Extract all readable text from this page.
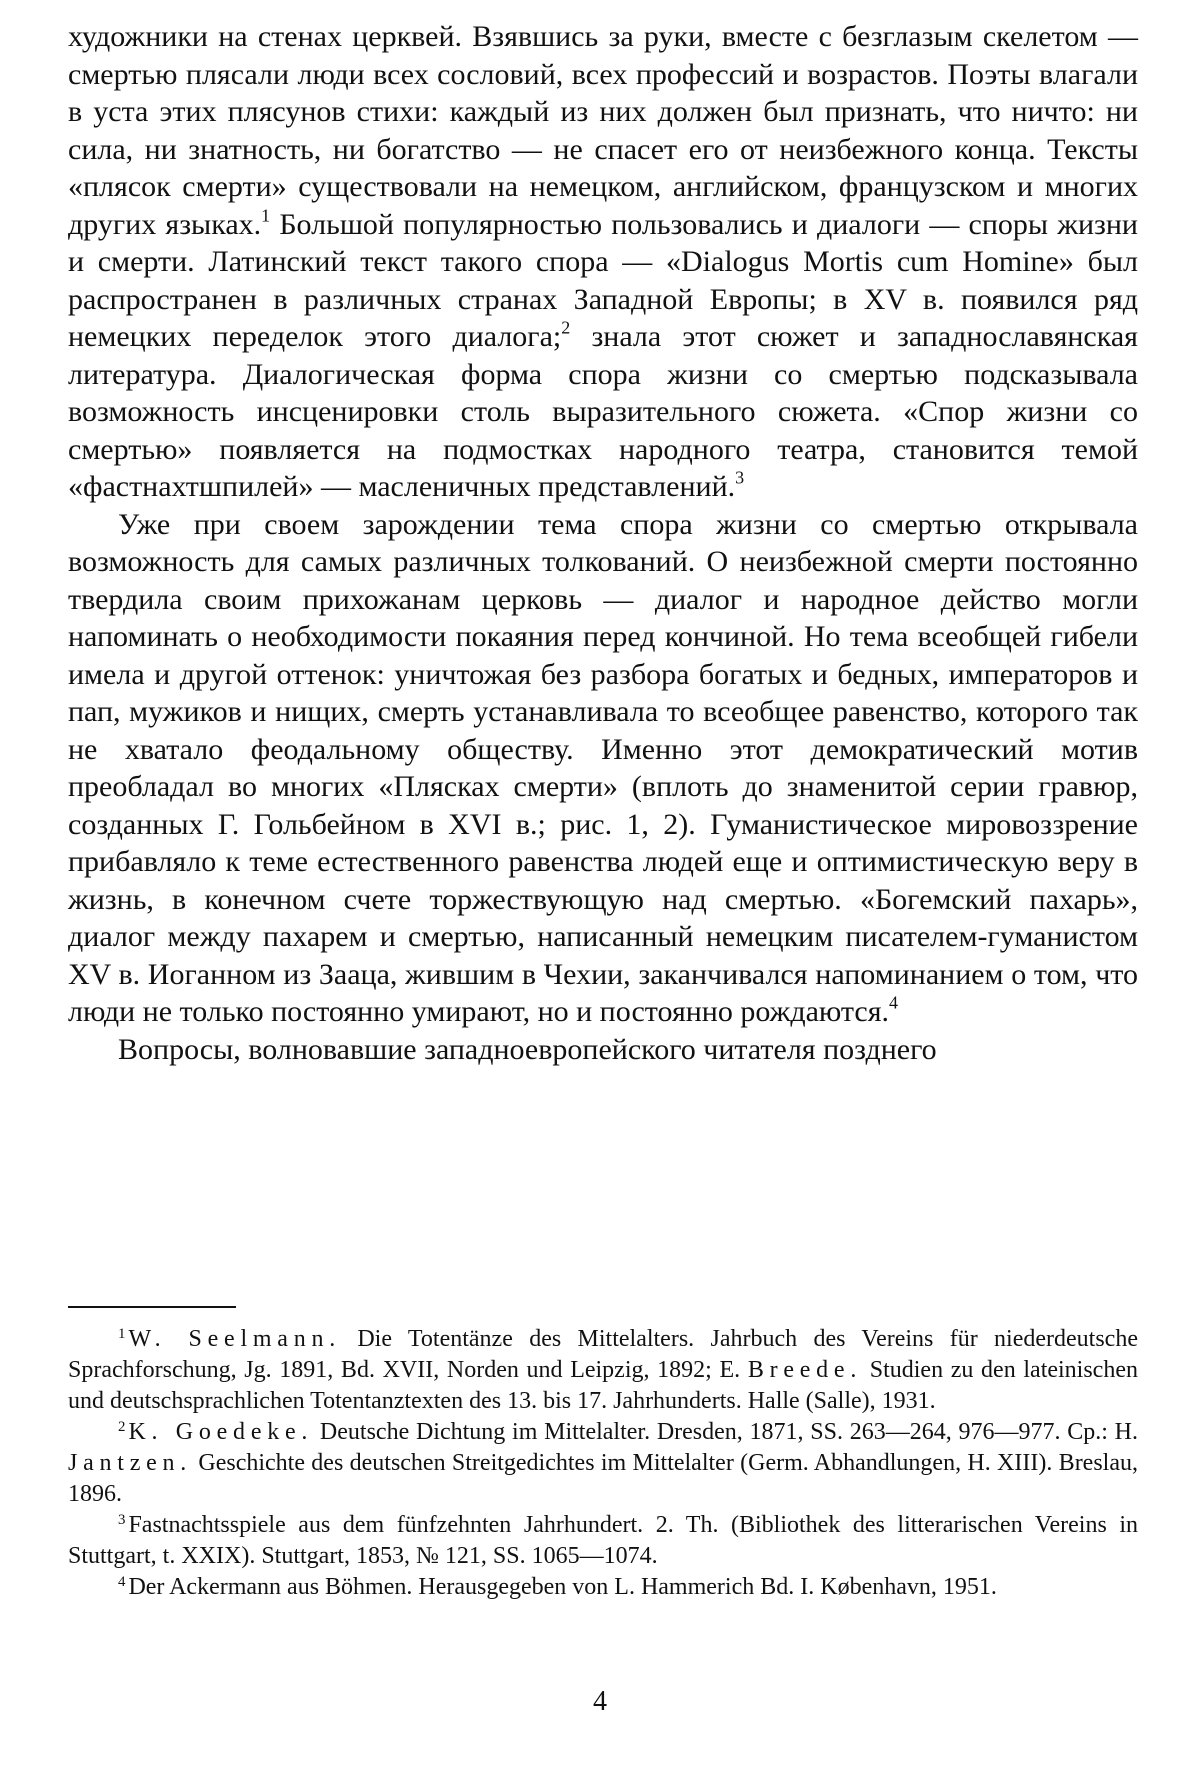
художники на стенах церквей. Взявшись за руки, вместе с безглазым скелетом — смертью плясали люди всех сословий, всех профессий и возрастов. Поэты влагали в уста этих плясунов стихи: каждый из них должен был признать, что ничто: ни сила, ни знатность, ни богатство — не спасет его от неизбежного конца. Тексты «плясок смерти» существовали на немецком, английском, французском и многих других языках.$^1$ Большой популярностью пользовались и диалоги — споры жизни и смерти. Латинский текст такого спора — «Dialogus Mortis cum Homine» был распространен в различных странах Западной Европы; в XV в. появился ряд немецких переделок этого диалога;$^2$ знала этот сюжет и западнославянская литература. Диалогическая форма спора жизни со смертью подсказывала возможность инсценировки столь выразительного сюжета. «Спор жизни со смертью» появляется на подмостках народного театра, становится темой «фастнахтшпилей» — масленичных представлений.$^3$

Уже при своем зарождении тема спора жизни со смертью открывала возможность для самых различных толкований. О неизбежной смерти постоянно твердила своим прихожанам церковь — диалог и народное действо могли напоминать о необходимости покаяния перед кончиной. Но тема всеобщей гибели имела и другой оттенок: уничтожая без разбора богатых и бедных, императоров и пап, мужиков и нищих, смерть устанавливала то всеобщее равенство, которого так не хватало феодальному обществу. Именно этот демократический мотив преобладал во многих «Плясках смерти» (вплоть до знаменитой серии гравюр, созданных Г. Гольбейном в XVI в.; рис. 1, 2). Гуманистическое мировоззрение прибавляло к теме естественного равенства людей еще и оптимистическую веру в жизнь, в конечном счете торжествующую над смертью. «Богемский пахарь», диалог между пахарем и смертью, написанный немецким писателем-гуманистом XV в. Иоганном из Зааца, жившим в Чехии, заканчивался напоминанием о том, что люди не только постоянно умирают, но и постоянно рождаются.$^4$

Вопросы, волновавшие западноевропейского читателя позднего

$^1$ W. Seelmann. Die Totentänze des Mittelalters. Jahrbuch des Vereins für niederdeutsche Sprachforschung, Jg. 1891, Bd. XVII, Norden und Leipzig, 1892; E. Breede. Studien zu den lateinischen und deutschsprachlichen Totentanztexten des 13. bis 17. Jahrhunderts. Halle (Salle), 1931.

$^2$ K. Goedeke. Deutsche Dichtung im Mittelalter. Dresden, 1871, SS. 263—264, 976—977. Ср.: H. Jantzen. Geschichte des deutschen Streitgedichtes im Mittelalter (Germ. Abhandlungen, H. XIII). Breslau, 1896.

$^3$ Fastnachtsspiele aus dem fünfzehnten Jahrhundert. 2. Th. (Bibliothek des litterarischen Vereins in Stuttgart, t. XXIX). Stuttgart, 1853, № 121, SS. 1065—1074.

$^4$ Der Ackermann aus Böhmen. Herausgegeben von L. Hammerich Bd. I. København, 1951.

4
